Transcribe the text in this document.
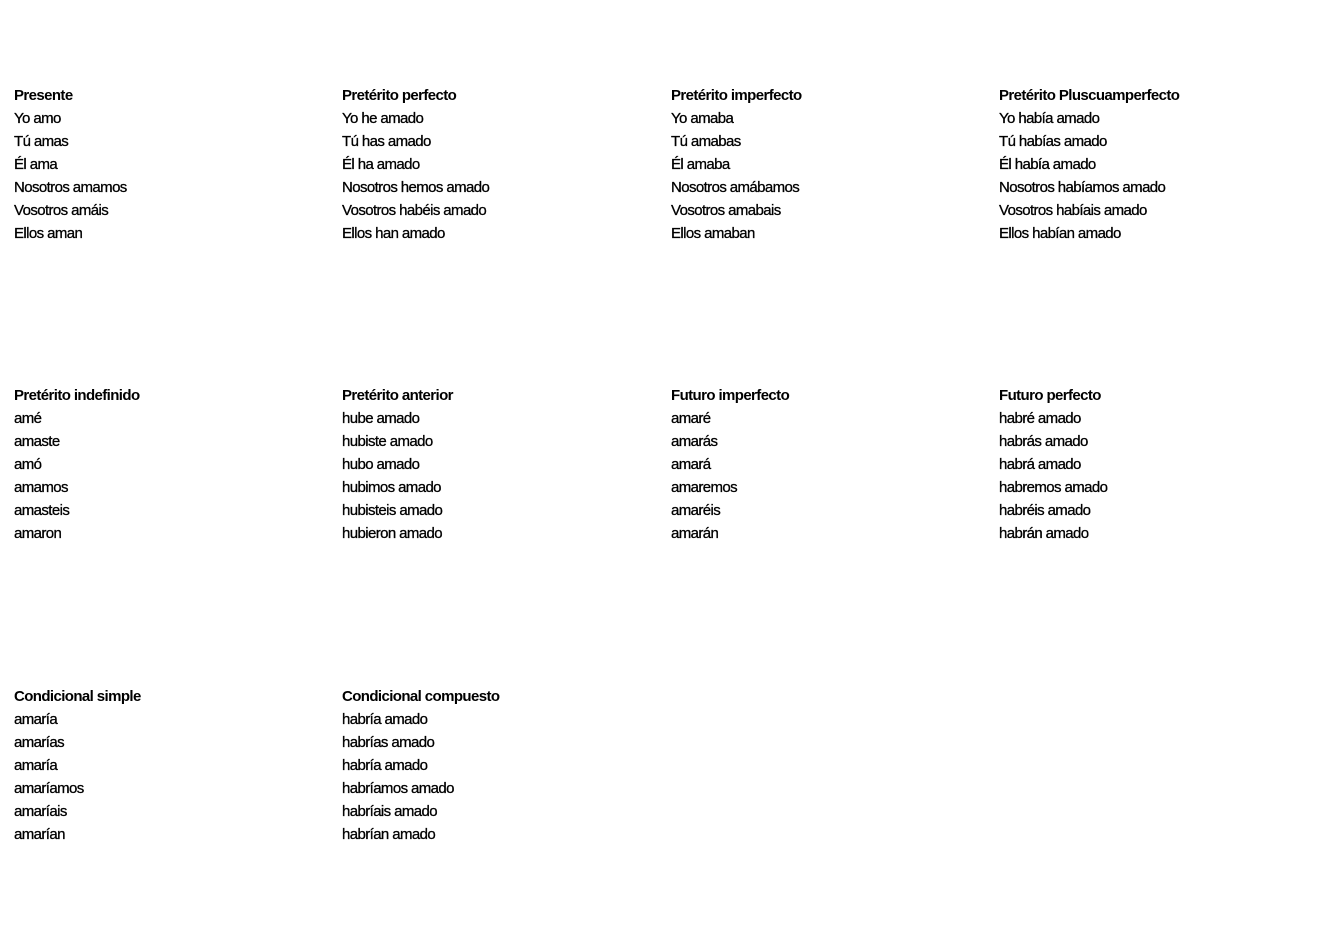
Presente
Yo amo
Tú amas
Él ama
Nosotros amamos
Vosotros amáis
Ellos aman
Pretérito perfecto
Yo he amado
Tú has amado
Él ha amado
Nosotros hemos amado
Vosotros habéis amado
Ellos han amado
Pretérito imperfecto
Yo amaba
Tú amabas
Él amaba
Nosotros amábamos
Vosotros amabais
Ellos amaban
Pretérito Pluscuamperfecto
Yo había amado
Tú habías amado
Él había amado
Nosotros habíamos amado
Vosotros habíais amado
Ellos habían amado
Pretérito indefinido
amé
amaste
amó
amamos
amasteis
amaron
Pretérito anterior
hube amado
hubiste amado
hubo amado
hubimos amado
hubisteis amado
hubieron amado
Futuro imperfecto
amaré
amarás
amará
amaremos
amaréis
amarán
Futuro perfecto
habré amado
habrás amado
habrá amado
habremos amado
habréis amado
habrán amado
Condicional simple
amaría
amarías
amaría
amaríamos
amaríais
amarían
Condicional compuesto
habría amado
habrías amado
habría amado
habríamos amado
habríais amado
habrían amado
